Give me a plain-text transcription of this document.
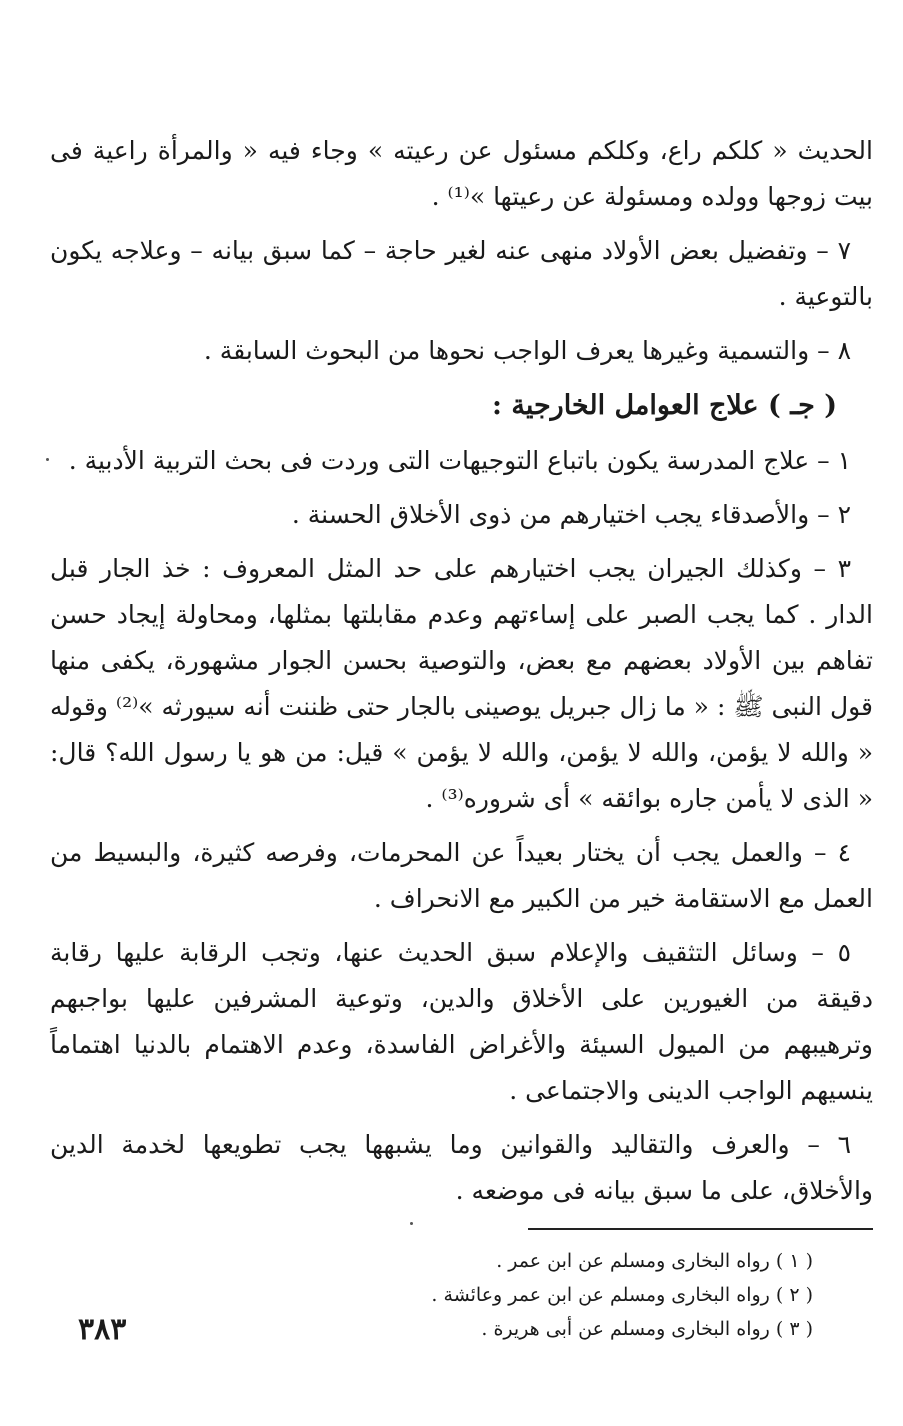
الحديث « كلكم راع، وكلكم مسئول عن رعيته » وجاء فيه « والمرأة راعية فى بيت زوجها وولده ومسئولة عن رعيتها »⁽¹⁾ .

٧ – وتفضيل بعض الأولاد منهى عنه لغير حاجة – كما سبق بيانه – وعلاجه يكون بالتوعية .

٨ – والتسمية وغيرها يعرف الواجب نحوها من البحوث السابقة .

( جـ ) علاج العوامل الخارجية :

١ – علاج المدرسة يكون باتباع التوجيهات التى وردت فى بحث التربية الأدبية .

٢ – والأصدقاء يجب اختيارهم من ذوى الأخلاق الحسنة .

٣ – وكذلك الجيران يجب اختيارهم على حد المثل المعروف : خذ الجار قبل الدار . كما يجب الصبر على إساءتهم وعدم مقابلتها بمثلها، ومحاولة إيجاد حسن تفاهم بين الأولاد بعضهم مع بعض، والتوصية بحسن الجوار مشهورة، يكفى منها قول النبى ﷺ : « ما زال جبريل يوصينى بالجار حتى ظننت أنه سيورثه »⁽²⁾ وقوله « والله لا يؤمن، والله لا يؤمن، والله لا يؤمن » قيل: من هو يا رسول الله؟ قال: « الذى لا يأمن جاره بوائقه » أى شروره⁽³⁾ .

٤ – والعمل يجب أن يختار بعيداً عن المحرمات، وفرصه كثيرة، والبسيط من العمل مع الاستقامة خير من الكبير مع الانحراف .

٥ – وسائل التثقيف والإعلام سبق الحديث عنها، وتجب الرقابة عليها رقابة دقيقة من الغيورين على الأخلاق والدين، وتوعية المشرفين عليها بواجبهم وترهيبهم من الميول السيئة والأغراض الفاسدة، وعدم الاهتمام بالدنيا اهتماماً ينسيهم الواجب الدينى والاجتماعى .

٦ – والعرف والتقاليد والقوانين وما يشبهها يجب تطويعها لخدمة الدين والأخلاق، على ما سبق بيانه فى موضعه .

( ١ ) رواه البخارى ومسلم عن ابن عمر .

( ٢ ) رواه البخارى ومسلم عن ابن عمر وعائشة .

( ٣ ) رواه البخارى ومسلم عن أبى هريرة .

٣٨٣
